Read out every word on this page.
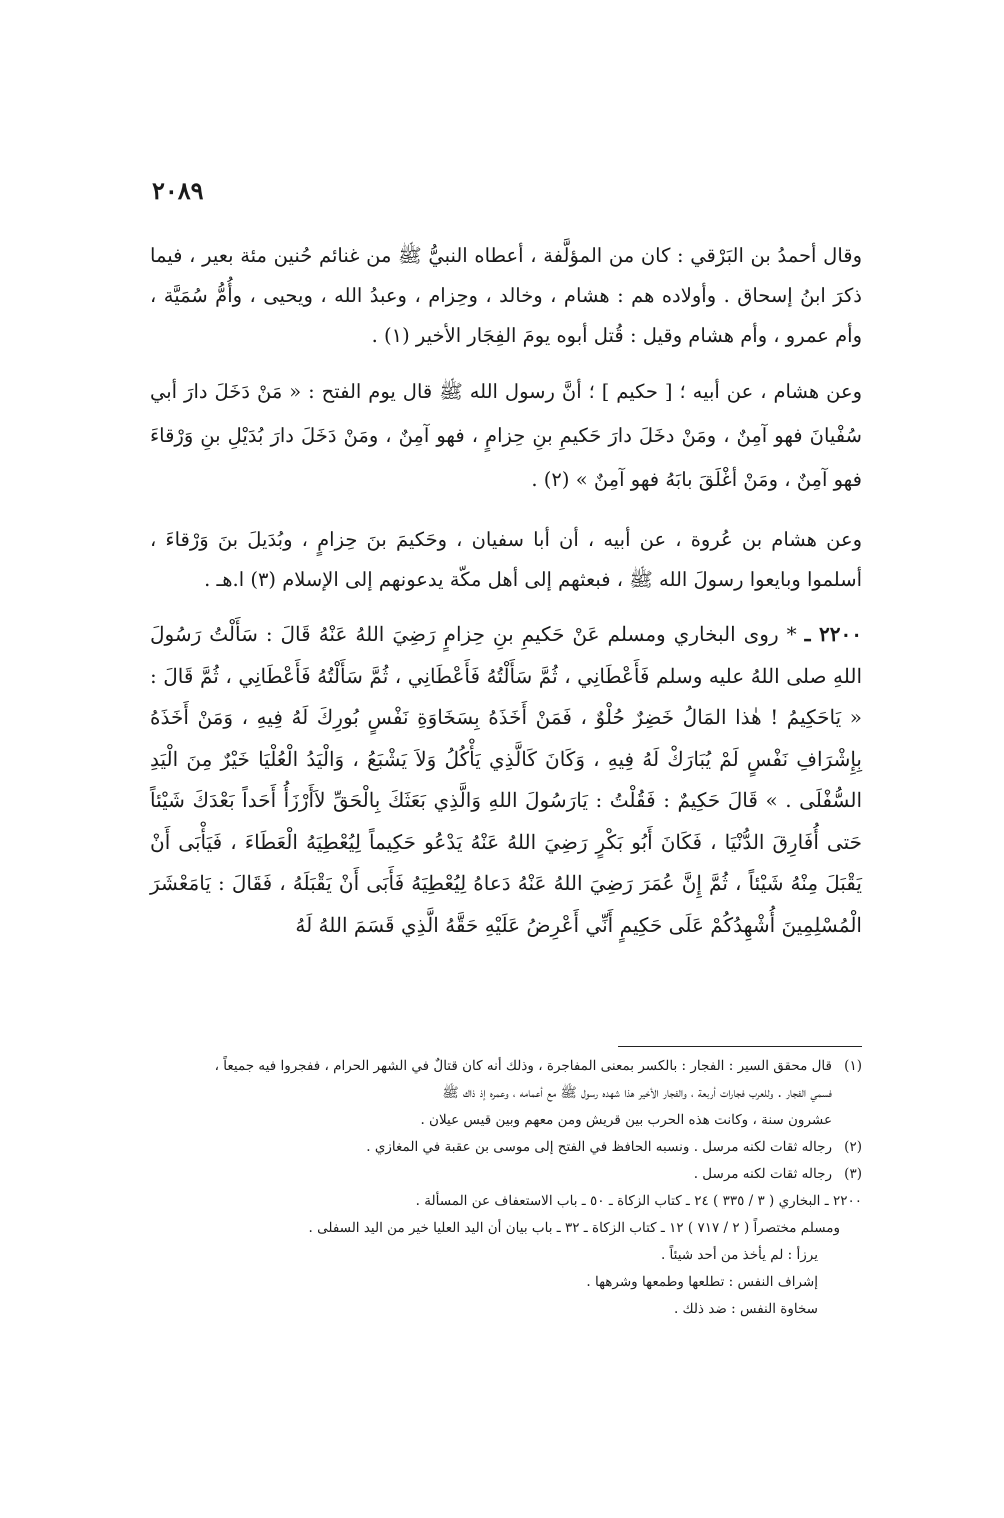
٢٠٨٩

وقال أحمدُ بن البَرْقي : كان من المؤلَّفة ، أعطاه النبيُّ ﷺ من غنائم حُنين مئة بعير ، فيما ذكرَ ابنُ إسحاق . وأولاده هم : هشام ، وخالد ، وحِزام ، وعبدُ الله ، ويحيى ، وأُمُّ سُمَيَّة ، وأم عمرو ، وأم هشام وقيل : قُتل أبوه يومَ الفِجَار الأخير (١) .

وعن هشام ، عن أبيه ؛ [ حكيم ] ؛ أنَّ رسول الله ﷺ قال يوم الفتح : « مَنْ دَخَلَ دارَ أبي سُفْيانَ فهو آمِنٌ ، ومَنْ دخَلَ دارَ حَكيمِ بنِ حِزامٍ ، فهو آمِنٌ ، ومَنْ دَخَلَ دارَ بُدَيْلِ بنِ وَرْقاءَ فهو آمِنٌ ، ومَنْ أغْلَقَ بابَهُ فهو آمِنٌ » (٢) .

وعن هشام بن عُروة ، عن أبيه ، أن أبا سفيان ، وحَكيمَ بنَ حِزامٍ ، وبُدَيلَ بنَ وَرْقاءَ ، أسلموا وبايعوا رسولَ الله ﷺ ، فبعثهم إلى أهل مكّة يدعونهم إلى الإسلام (٣) ا.هـ .

٢٢٠٠ ـ * روى البخاري ومسلم عَنْ حَكيمِ بنِ حِزامٍ رَضِيَ اللهُ عَنْهُ قَالَ : سَأَلْتُ رَسُولَ اللهِ صلى اللهُ عليه وسلم فَأَعْطَانِي ، ثُمَّ سَأَلْتُهُ فَأَعْطَانِي ، ثُمَّ سَأَلْتُهُ فَأَعْطَانِي ، ثُمَّ قَالَ : « يَاحَكِيمُ ! هٰذا المَالُ خَضِرٌ حُلْوٌ ، فَمَنْ أَخَذَهُ بِسَخَاوَةِ نَفْسٍ بُورِكَ لَهُ فِيهِ ، وَمَنْ أَخَذَهُ بِإِشْرَافِ نَفْسٍ لَمْ يُبَارَكْ لَهُ فِيهِ ، وَكَانَ كَالَّذِي يَأْكُلُ وَلاَ يَشْبَعُ ، وَالْيَدُ الْعُلْيَا خَيْرٌ مِنَ الْيَدِ السُّفْلَى . » قَالَ حَكِيمٌ : فَقُلْتُ : يَارَسُولَ اللهِ وَالَّذِي بَعَثَكَ بِالْحَقِّ لاَأَرْزَأُ أَحَداً بَعْدَكَ شَيْئاً حَتى أُفَارِقَ الدُّنْيَا ، فَكَانَ أَبُو بَكْرٍ رَضِيَ اللهُ عَنْهُ يَدْعُو حَكِيماً لِيُعْطِيَهُ الْعَطَاءَ ، فَيَأْبَى أَنْ يَقْبَلَ مِنْهُ شَيْئاً ، ثُمَّ إِنَّ عُمَرَ رَضِيَ اللهُ عَنْهُ دَعاهُ لِيُعْطِيَهُ فَأَبَى أَنْ يَقْبَلَهُ ، فَقَالَ : يَامَعْشَرَ الْمُسْلِمِينَ أُشْهِدُكُمْ عَلَى حَكِيمٍ أَنِّي أَعْرِضُ عَلَيْهِ حَقَّهُ الَّذِي قَسَمَ اللهُ لَهُ

(١)
قال محقق السير : الفجار : بالكسر بمعنى المفاجرة ، وذلك أنه كان قتالٌ في الشهر الحرام ، ففجروا فيه جميعاً ،
فسمي الفجار . وللعرب فجارات أربعة ، والفجار الأخير هذا شهده رسول ﷺ مع أعمامه ، وعمره إذ ذاك ﷺ
عشرون سنة ، وكانت هذه الحرب بين قريش ومن معهم وبين قيس عيلان .
(٢)
رجاله ثقات لكنه مرسل . ونسبه الحافظ في الفتح إلى موسى بن عقبة في المغازي .
(٣)
رجاله ثقات لكنه مرسل .
٢٢٠٠ ـ البخاري ( ٣ / ٣٣٥ ) ٢٤ ـ كتاب الزكاة ـ ٥٠ ـ باب الاستعفاف عن المسألة .
ومسلم مختصراً ( ٢ / ٧١٧ ) ١٢ ـ كتاب الزكاة ـ ٣٢ ـ باب بيان أن اليد العليا خير من اليد السفلى .
يرزأ : لم يأخذ من أحد شيئاً .
إشراف النفس : تطلعها وطمعها وشرهها .
سخاوة النفس : ضد ذلك .
